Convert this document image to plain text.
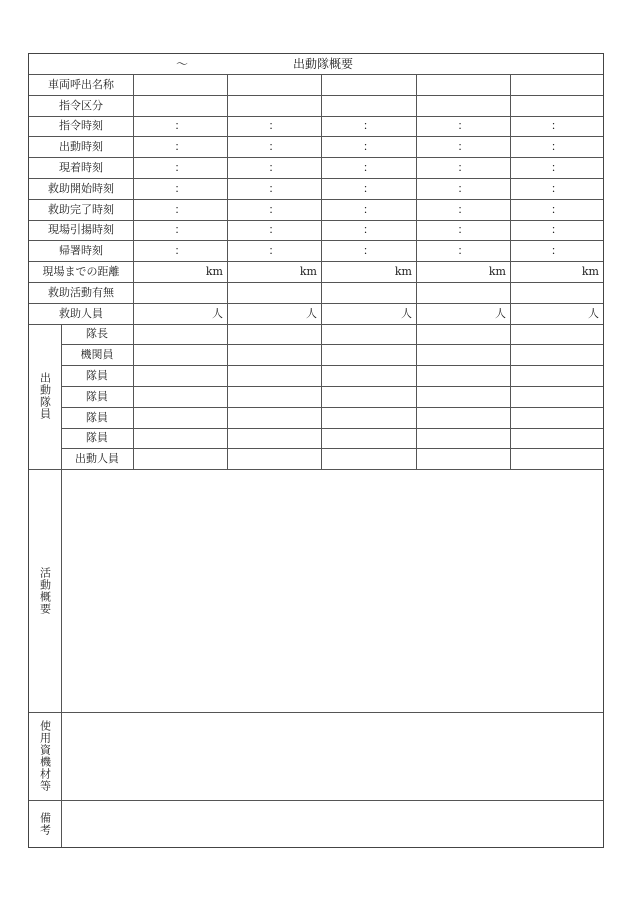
～	出動隊概要
車両呼出名称
指令区分
指令時刻	：	：	：	：	：
出動時刻	：	：	：	：	：
現着時刻	：	：	：	：	：
救助開始時刻	：	：	：	：	：
救助完了時刻	：	：	：	：	：
現場引揚時刻	：	：	：	：	：
帰署時刻	：	：	：	：	：
現場までの距離	km	km	km	km	km
救助活動有無
救助人員	人	人	人	人	人
隊長
機関員
隊員
隊員
隊員
隊員
出動人員
出動隊員
活動概要
使用資機材等
備考
